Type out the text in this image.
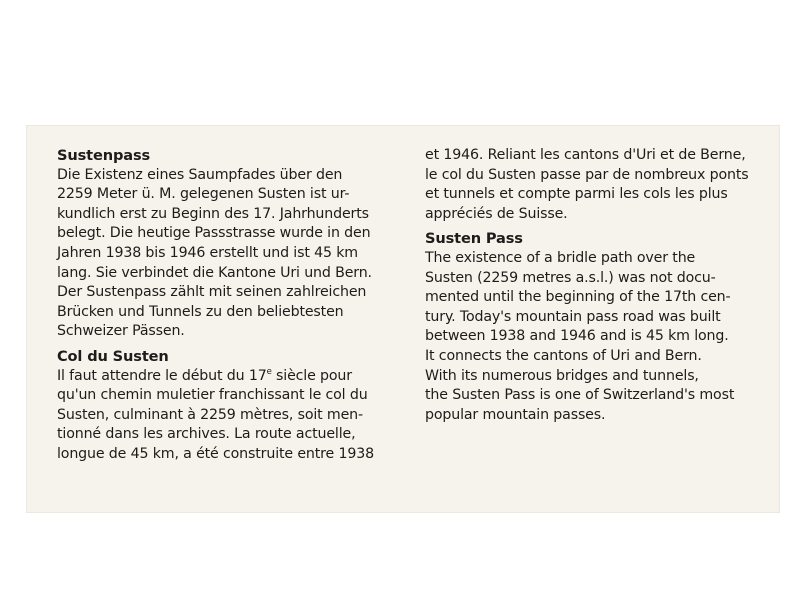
Sustenpass

Die Existenz eines Saumpfades über den
2259 Meter ü. M. gelegenen Susten ist ur-
kundlich erst zu Beginn des 17. Jahrhunderts
belegt. Die heutige Passstrasse wurde in den
Jahren 1938 bis 1946 erstellt und ist 45 km
lang. Sie verbindet die Kantone Uri und Bern.
Der Sustenpass zählt mit seinen zahlreichen
Brücken und Tunnels zu den beliebtesten
Schweizer Pässen.

Col du Susten

Il faut attendre le début du 17e siècle pour
qu'un chemin muletier franchissant le col du
Susten, culminant à 2259 mètres, soit men-
tionné dans les archives. La route actuelle,
longue de 45 km, a été construite entre 1938

et 1946. Reliant les cantons d'Uri et de Berne,
le col du Susten passe par de nombreux ponts
et tunnels et compte parmi les cols les plus
appréciés de Suisse.

Susten Pass

The existence of a bridle path over the
Susten (2259 metres a.s.l.) was not docu-
mented until the beginning of the 17th cen-
tury. Today's mountain pass road was built
between 1938 and 1946 and is 45 km long.
It connects the cantons of Uri and Bern.
With its numerous bridges and tunnels,
the Susten Pass is one of Switzerland's most
popular mountain passes.
